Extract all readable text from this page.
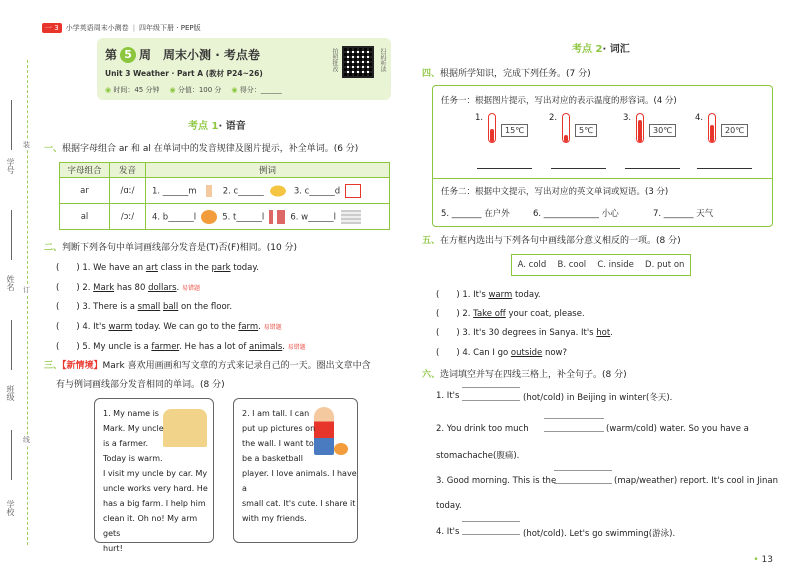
学号
姓名
班级
学校
装
订
线
一 3	小学英语周末小测卷 | 四年级下册 · PEP版
第 5 周　周末小测 · 考点卷
Unit 3 Weather · Part A (教材 P24~26)
◉ 时间：45 分钟	◉ 分值：100 分	◉ 得分：______
拍照批改	扫码听读
考点 1· 语音
一、根据字母组合 ar 和 al 在单词中的发音规律及图片提示，补全单词。(6 分)
字母组合	发音	例词
ar	/ɑː/	1. ______m 2. c______ 3. c______d
al	/ɔː/	4. b______l 5. t______l 6. w______l
二、判断下列各句中单词画线部分发音是(T)否(F)相同。(10 分)
(　　) 1. We have an art class in the park today.
(　　) 2. Mark has 80 dollars. 易错题
(　　) 3. There is a small ball on the floor.
(　　) 4. It's warm today. We can go to the farm. 易错题
(　　) 5. My uncle is a farmer. He has a lot of animals. 易错题
三、【新情境】Mark 喜欢用画画和写文章的方式来记录自己的一天。圈出文章中含
有与例词画线部分发音相同的单词。(8 分)
1. My name is
Mark. My uncle
is a farmer.
Today is warm.
I visit my uncle by car. My
uncle works very hard. He
has a big farm. I help him
clean it. Oh no! My arm gets
hurt!
2. I am tall. I can
put up pictures on
the wall. I want to
be a basketball
player. I love animals. I have a
small cat. It's cute. I share it
with my friends.
考点 2· 词汇
四、根据所学知识，完成下列任务。(7 分)
任务一：根据图片提示，写出对应的表示温度的形容词。(4 分)
1.
15℃
2.
5℃
3.
30℃
4.
20℃
任务二：根据中文提示，写出对应的英文单词或短语。(3 分)
5. _______ 在户外	6. _____________ 小心	7. _______ 天气
五、在方框内选出与下列各句中画线部分意义相反的一项。(8 分)
A. cold B. cool C. inside D. put on
(　　) 1. It's warm today.
(　　) 2. Take off your coat, please.
(　　) 3. It's 30 degrees in Sanya. It's hot.
(　　) 4. Can I go outside now?
六、选词填空并写在四线三格上，补全句子。(8 分)
1. It's	(hot/cold) in Beijing in winter(冬天).
2. You drink too much	(warm/cold) water. So you have a
stomachache(腹痛).
3. Good morning. This is the	(map/weather) report. It's cool in Jinan
today.
4. It's	(hot/cold). Let's go swimming(游泳).
• 13
